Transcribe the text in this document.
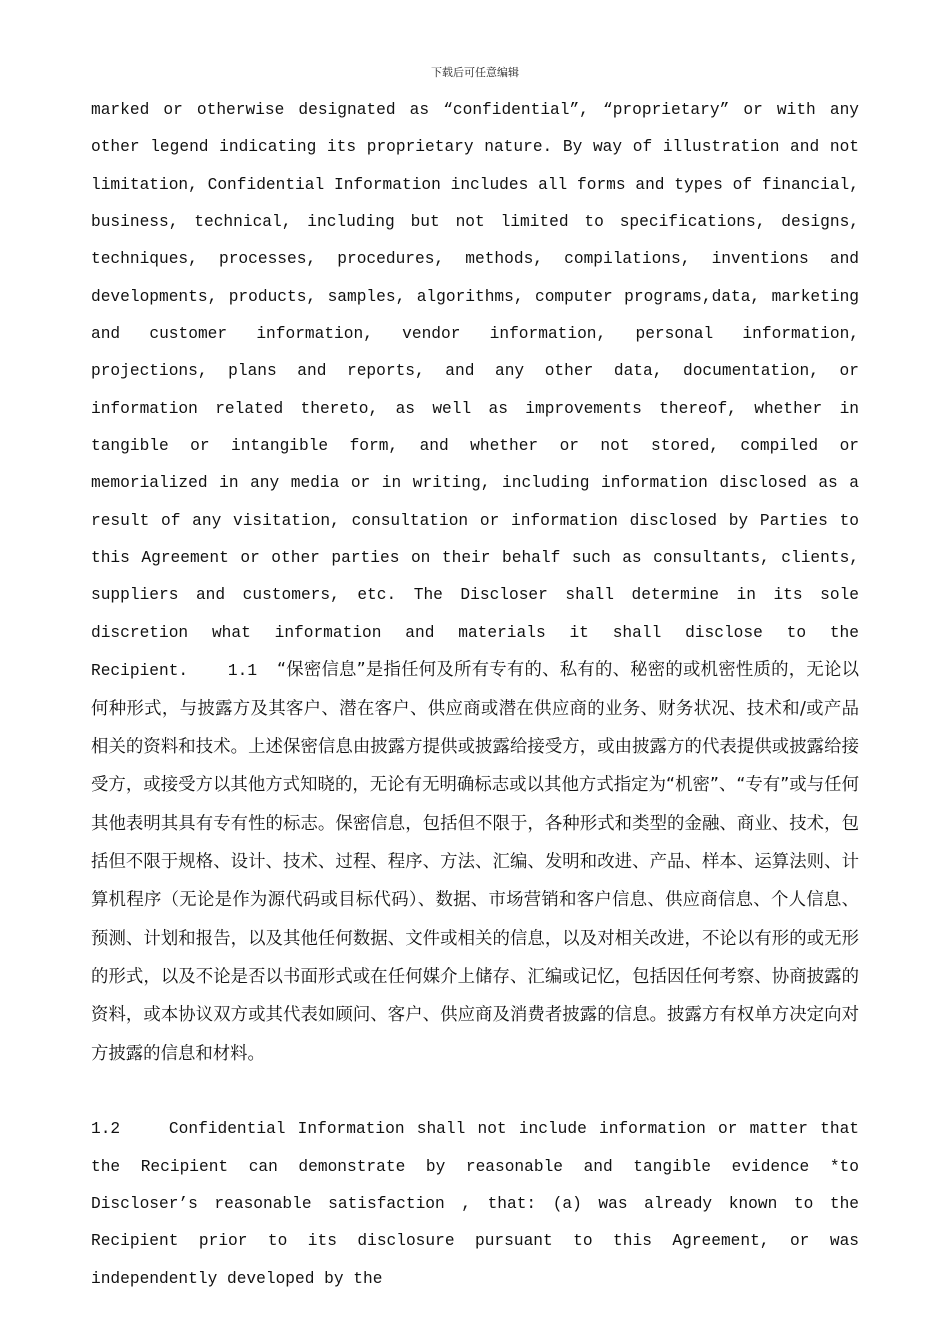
下载后可任意编辑

marked or otherwise designated as “confidential”, “proprietary” or with any other legend indicating its proprietary nature. By way of illustration and not limitation, Confidential Information includes all forms and types of financial, business, technical, including but not limited to specifications, designs, techniques, processes, procedures, methods, compilations, inventions and developments, products, samples, algorithms, computer programs,data, marketing and customer information, vendor information, personal information, projections, plans and reports, and any other data, documentation, or information related thereto, as well as improvements thereof, whether in tangible or intangible form, and whether or not stored, compiled or memorialized in any media or in writing, including information disclosed as a result of any visitation, consultation or information disclosed by Parties to this Agreement or other parties on their behalf such as consultants, clients, suppliers and customers, etc. The Discloser shall determine in its sole discretion what information and materials it shall disclose to the Recipient. 1.1 “保密信息”是指任何及所有专有的、私有的、秘密的或机密性质的，无论以何种形式，与披露方及其客户、潜在客户、供应商或潜在供应商的业务、财务状况、技术和/或产品相关的资料和技术。上述保密信息由披露方提供或披露给接受方，或由披露方的代表提供或披露给接受方，或接受方以其他方式知晓的，无论有无明确标志或以其他方式指定为“机密”、“专有”或与任何其他表明其具有专有性的标志。保密信息，包括但不限于，各种形式和类型的金融、商业、技术，包括但不限于规格、设计、技术、过程、程序、方法、汇编、发明和改进、产品、样本、运算法则、计算机程序（无论是作为源代码或目标代码）、数据、市场营销和客户信息、供应商信息、个人信息、预测、计划和报告，以及其他任何数据、文件或相关的信息，以及对相关改进，不论以有形的或无形的形式，以及不论是否以书面形式或在任何媒介上储存、汇编或记忆，包括因任何考察、协商披露的资料，或本协议双方或其代表如顾问、客户、供应商及消费者披露的信息。披露方有权单方决定向对方披露的信息和材料。

1.2	Confidential Information shall not include information or matter that the Recipient can demonstrate by reasonable and tangible evidence *to Discloser’s reasonable satisfaction , that: (a) was already known to the Recipient prior to its disclosure pursuant to this Agreement, or was independently developed by the
